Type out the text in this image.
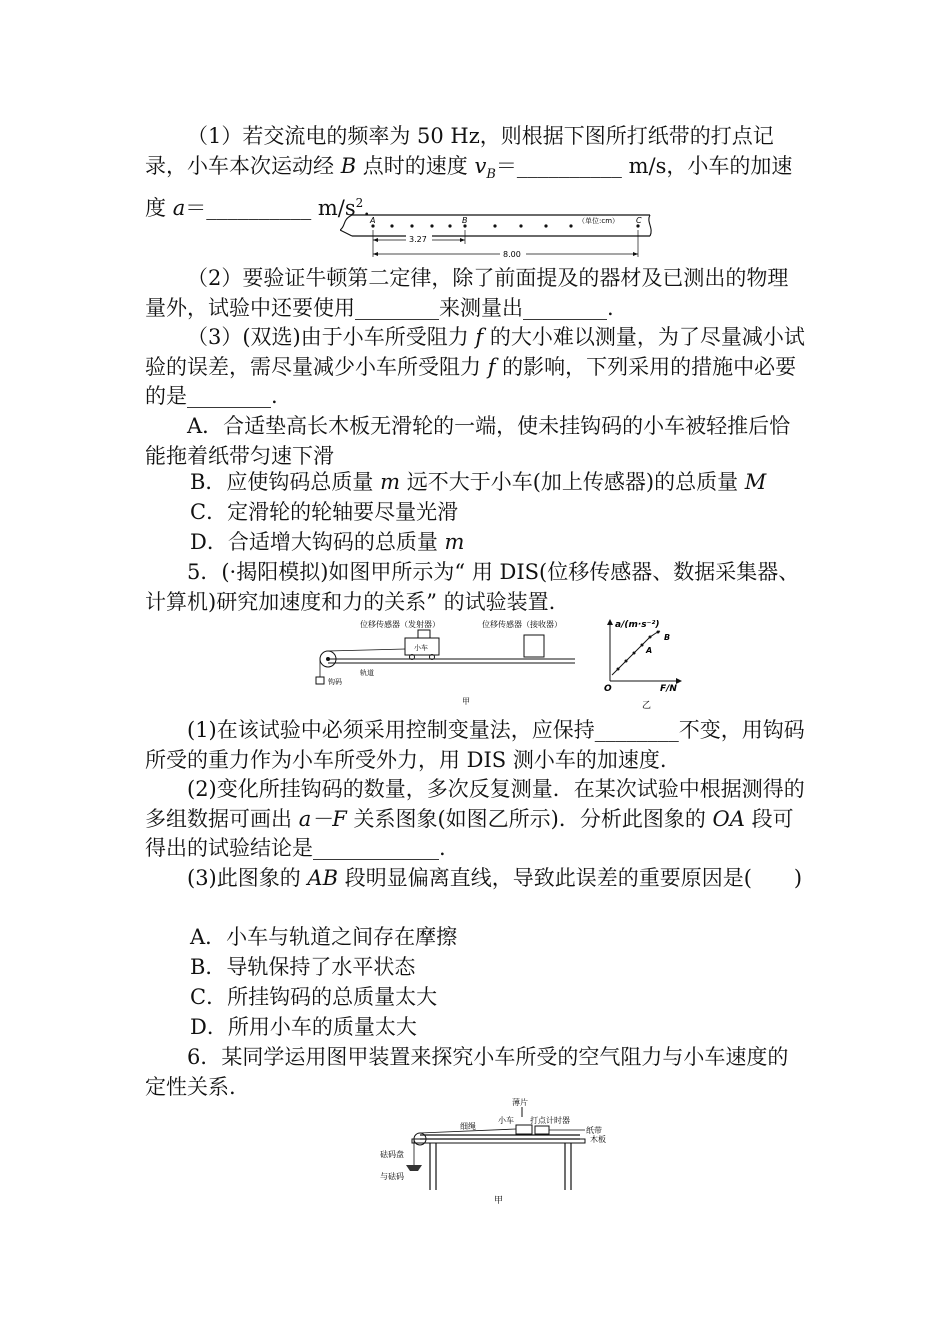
（1）若交流电的频率为 50 Hz，则根据下图所打纸带的打点记录，小车本次运动经 B 点时的速度 $v_B=\_\_\_\_\_\_\_\_\_\_$ m/s，小车的加速度 a＝__________ $m/s^2$.
A	B	C
（单位:cm）
3.27
8.00
（2）要验证牛顿第二定律，除了前面提及的器材及已测出的物理量外，试验中还要使用________来测量出________.
（3）(双选)由于小车所受阻力 f 的大小难以测量，为了尽量减小试验的误差，需尽量减少小车所受阻力 f 的影响，下列采用的措施中必要的是________.
A．合适垫高长木板无滑轮的一端，使未挂钩码的小车被轻推后恰能拖着纸带匀速下滑
B．应使钩码总质量 m 远不大于小车(加上传感器)的总质量 M
C．定滑轮的轮轴要尽量光滑
D．合适增大钩码的总质量 m
5．(·揭阳模拟)如图甲所示为“ 用 DIS(位移传感器、数据采集器、计算机)研究加速度和力的关系” 的试验装置.
位移传感器（发射器）	位移传感器（接收器）
小车
钩码
轨道
甲
a/(m·s⁻²)
B
A
O	F/N
乙
(1)在该试验中必须采用控制变量法，应保持________不变，用钩码所受的重力作为小车所受外力，用 DIS 测小车的加速度.
(2)变化所挂钩码的数量，多次反复测量．在某次试验中根据测得的多组数据可画出 a－F 关系图象(如图乙所示)．分析此图象的 OA 段可得出的试验结论是____________.
(3)此图象的 AB 段明显偏离直线，导致此误差的重要原因是(　　)
A．小车与轨道之间存在摩擦
B．导轨保持了水平状态
C．所挂钩码的总质量太大
D．所用小车的质量太大
6．某同学运用图甲装置来探究小车所受的空气阻力与小车速度的定性关系.
薄片
小车 打点计时器
细绳	纸带
木板
砝码盘
与砝码
甲
